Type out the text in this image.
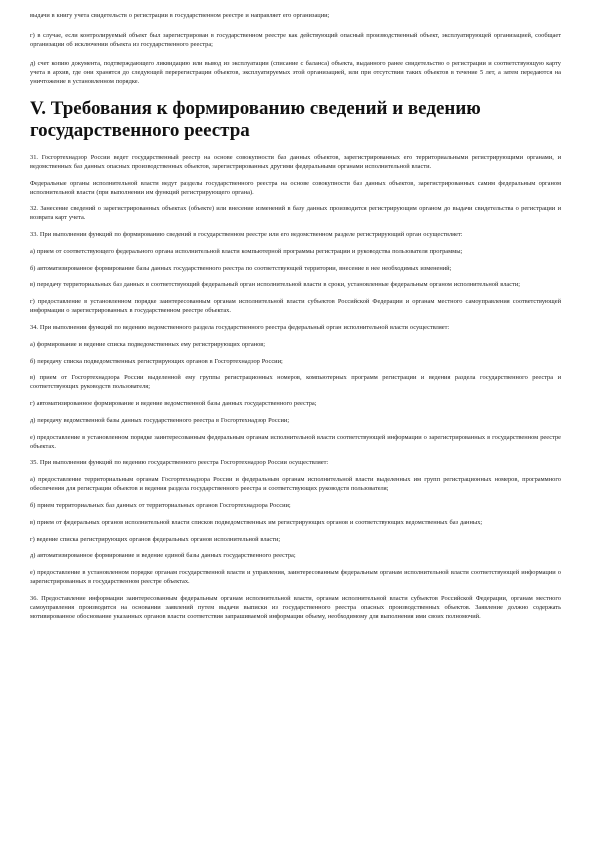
выдачи в книгу учета свидетельств о регистрации в государственном реестре и направляет его организации;

г) в случае, если контролируемый объект был зарегистрирован в государственном реестре как действующий опасный производственный объект, эксплуатирующей организацией, сообщает организации об исключении объекта из государственного реестра;

д) счет копию документа, подтверждающего ликвидацию или вывод из эксплуатации (списание с баланса) объекта, выданного ранее свидетельство о регистрации и соответствующую карту учета в архив, где они хранятся до следующей перерегистрации объектов, эксплуатируемых этой организацией, или при отсутствии таких объектов в течение 5 лет, а затем передаются на уничтожение в установленном порядке.

V. Требования к формированию сведений и ведению государственного реестра

31. Госгортехнадзор России ведет государственный реестр на основе совокупности баз данных объектов, зарегистрированных его территориальными регистрирующими органами, и ведомственных баз данных опасных производственных объектов, зарегистрированных другими федеральными органами исполнительной власти.

Федеральные органы исполнительной власти ведут разделы государственного реестра на основе совокупности баз данных объектов, зарегистрированных самим федеральным органом исполнительной власти (при выполнении им функций регистрирующего органа).

32. Занесение сведений о зарегистрированных объектах (объекте) или внесение изменений в базу данных производится регистрирующим органом до выдачи свидетельства о регистрации и возврата карт учета.

33. При выполнении функций по формированию сведений в государственном реестре или его ведомственном разделе регистрирующий орган осуществляет:

а) прием от соответствующего федерального органа исполнительной власти компьютерной программы регистрации и руководства пользователя программы;

б) автоматизированное формирование базы данных государственного реестра по соответствующей территории, внесение в нее необходимых изменений;

в) передачу территориальных баз данных в соответствующий федеральный орган исполнительной власти в сроки, установленные федеральным органом исполнительной власти;

г) предоставление в установленном порядке заинтересованным органам исполнительной власти субъектов Российской Федерации и органам местного самоуправления соответствующей информации о зарегистрированных в государственном реестре объектах.

34. При выполнении функций по ведению ведомственного раздела государственного реестра федеральный орган исполнительной власти осуществляет:

а) формирование и ведение списка подведомственных ему регистрирующих органов;

б) передачу списка подведомственных регистрирующих органов в Госгортехнадзор России;

в) прием от Госгортехнадзора России выделенной ему группы регистрационных номеров, компьютерных программ регистрации и ведения раздела государственного реестра и соответствующих руководств пользователя;

г) автоматизированное формирование и ведение ведомственной базы данных государственного реестра;

д) передачу ведомственной базы данных государственного реестра в Госгортехнадзор России;

е) предоставление в установленном порядке заинтересованным федеральным органам исполнительной власти соответствующей информации о зарегистрированных в государственном реестре объектах.

35. При выполнении функций по ведению государственного реестра Госгортехнадзор России осуществляет:

а) предоставление территориальным органам Госгортехнадзора России и федеральным органам исполнительной власти выделенных им групп регистрационных номеров, программного обеспечения для регистрации объектов и ведения раздела государственного реестра и соответствующих руководств пользователя;

б) прием территориальных баз данных от территориальных органов Госгортехнадзора России;

в) прием от федеральных органов исполнительной власти списков подведомственных им регистрирующих органов и соответствующих ведомственных баз данных;

г) ведение списка регистрирующих органов федеральных органов исполнительной власти;

д) автоматизированное формирование и ведение единой базы данных государственного реестра;

е) предоставление в установленном порядке органам государственной власти и управления, заинтересованным федеральным органам исполнительной власти соответствующей информации о зарегистрированных в государственном реестре объектах.

36. Предоставление информации заинтересованным федеральным органам исполнительной власти, органам исполнительной власти субъектов Российской Федерации, органам местного самоуправления производится на основании заявлений путем выдачи выписки из государственного реестра опасных производственных объектов. Заявление должно содержать мотивированное обоснование указанных органов власти соответствия запрашиваемой информации объему, необходимому для выполнения ими своих полномочий.
